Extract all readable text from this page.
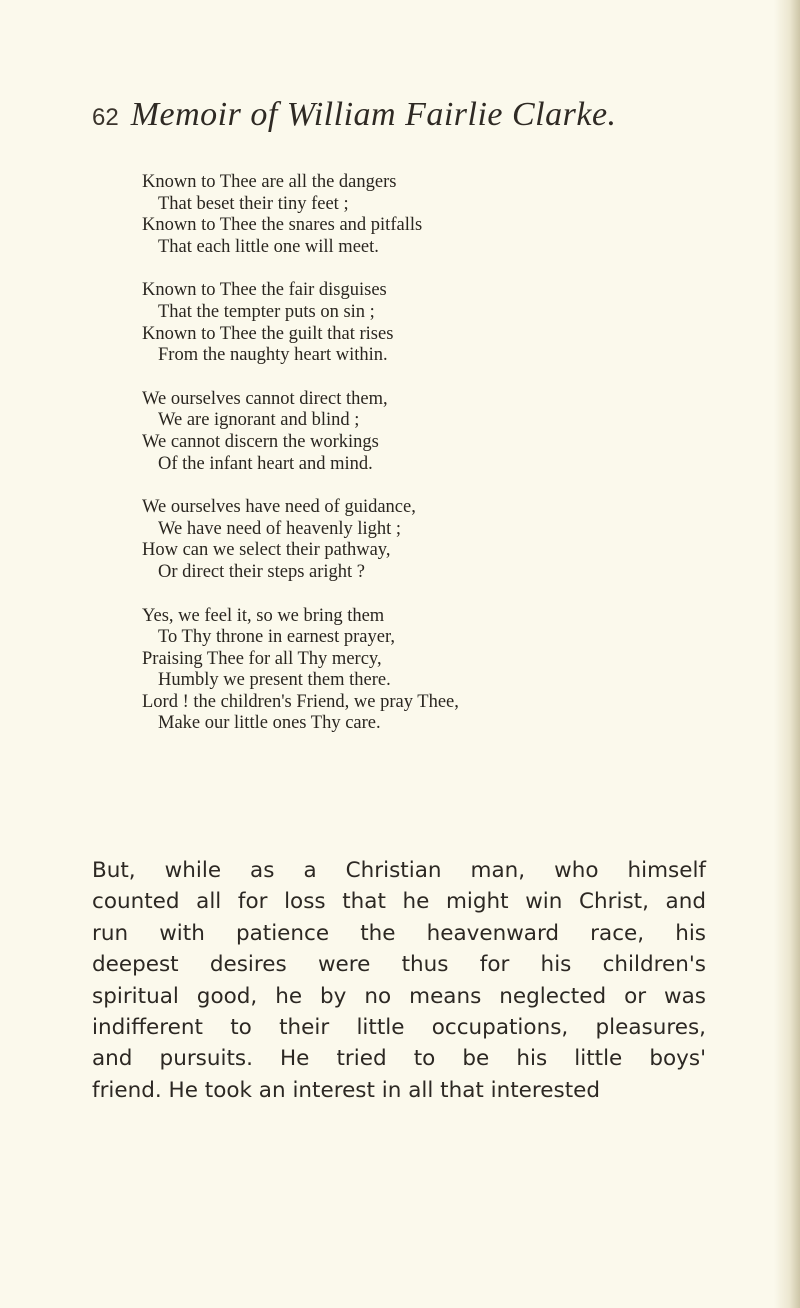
62 Memoir of William Fairlie Clarke.
Known to Thee are all the dangers
That beset their tiny feet ;
Known to Thee the snares and pitfalls
That each little one will meet.
Known to Thee the fair disguises
That the tempter puts on sin ;
Known to Thee the guilt that rises
From the naughty heart within.
We ourselves cannot direct them,
We are ignorant and blind ;
We cannot discern the workings
Of the infant heart and mind.
We ourselves have need of guidance,
We have need of heavenly light ;
How can we select their pathway,
Or direct their steps aright ?
Yes, we feel it, so we bring them
To Thy throne in earnest prayer,
Praising Thee for all Thy mercy,
Humbly we present them there.
Lord ! the children's Friend, we pray Thee,
Make our little ones Thy care.
But, while as a Christian man, who himself
counted all for loss that he might win Christ, and
run with patience the heavenward race, his
deepest desires were thus for his children's
spiritual good, he by no means neglected or was
indifferent to their little occupations, pleasures,
and pursuits. He tried to be his little boys'
friend. He took an interest in all that interested
